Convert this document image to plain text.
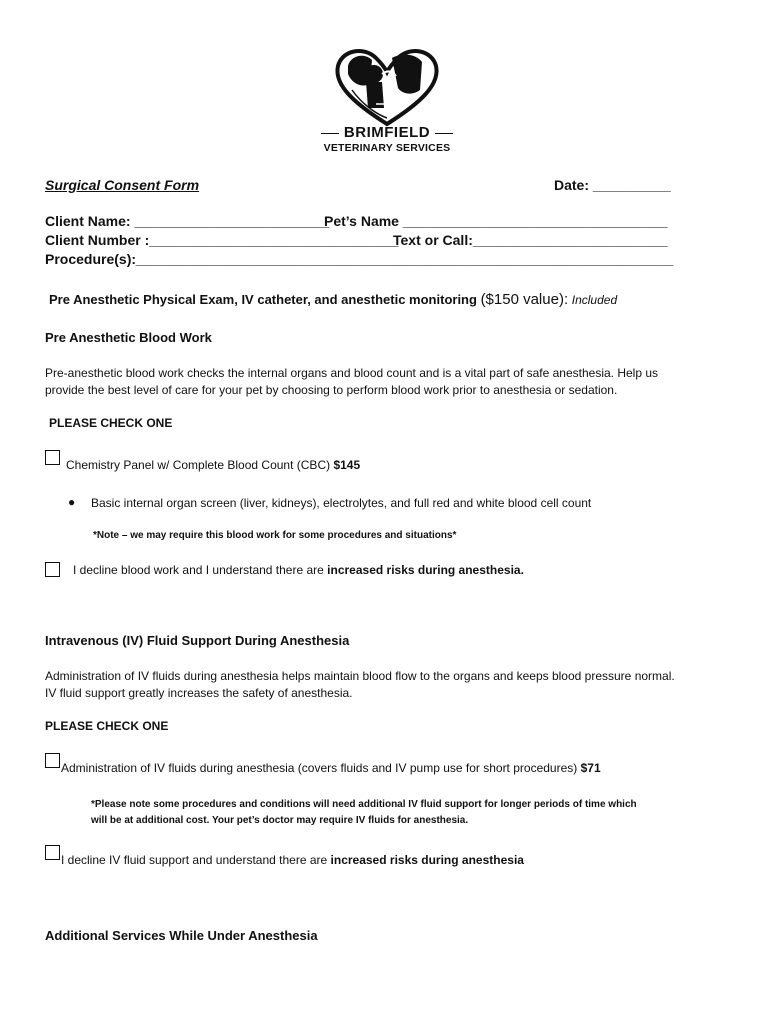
BRIMFIELD
VETERINARY SERVICES
Surgical Consent Form	Date: __________
Client Name: _________________________
Pet’s Name __________________________________
Client Number :________________________________
Text or Call:_________________________
Procedure(s):_____________________________________________________________________
Pre Anesthetic Physical Exam, IV catheter, and anesthetic monitoring ($150 value): Included
Pre Anesthetic Blood Work
Pre-anesthetic blood work checks the internal organs and blood count and is a vital part of safe anesthesia. Help us
provide the best level of care for your pet by choosing to perform blood work prior to anesthesia or sedation.
PLEASE CHECK ONE
Chemistry Panel w/ Complete Blood Count (CBC) $145
● Basic internal organ screen (liver, kidneys), electrolytes, and full red and white blood cell count
*Note – we may require this blood work for some procedures and situations*
I decline blood work and I understand there are increased risks during anesthesia.
Intravenous (IV) Fluid Support During Anesthesia
Administration of IV fluids during anesthesia helps maintain blood flow to the organs and keeps blood pressure normal.
IV fluid support greatly increases the safety of anesthesia.
PLEASE CHECK ONE
Administration of IV fluids during anesthesia (covers fluids and IV pump use for short procedures) $71
*Please note some procedures and conditions will need additional IV fluid support for longer periods of time which
will be at additional cost. Your pet’s doctor may require IV fluids for anesthesia.
I decline IV fluid support and understand there are increased risks during anesthesia
Additional Services While Under Anesthesia
